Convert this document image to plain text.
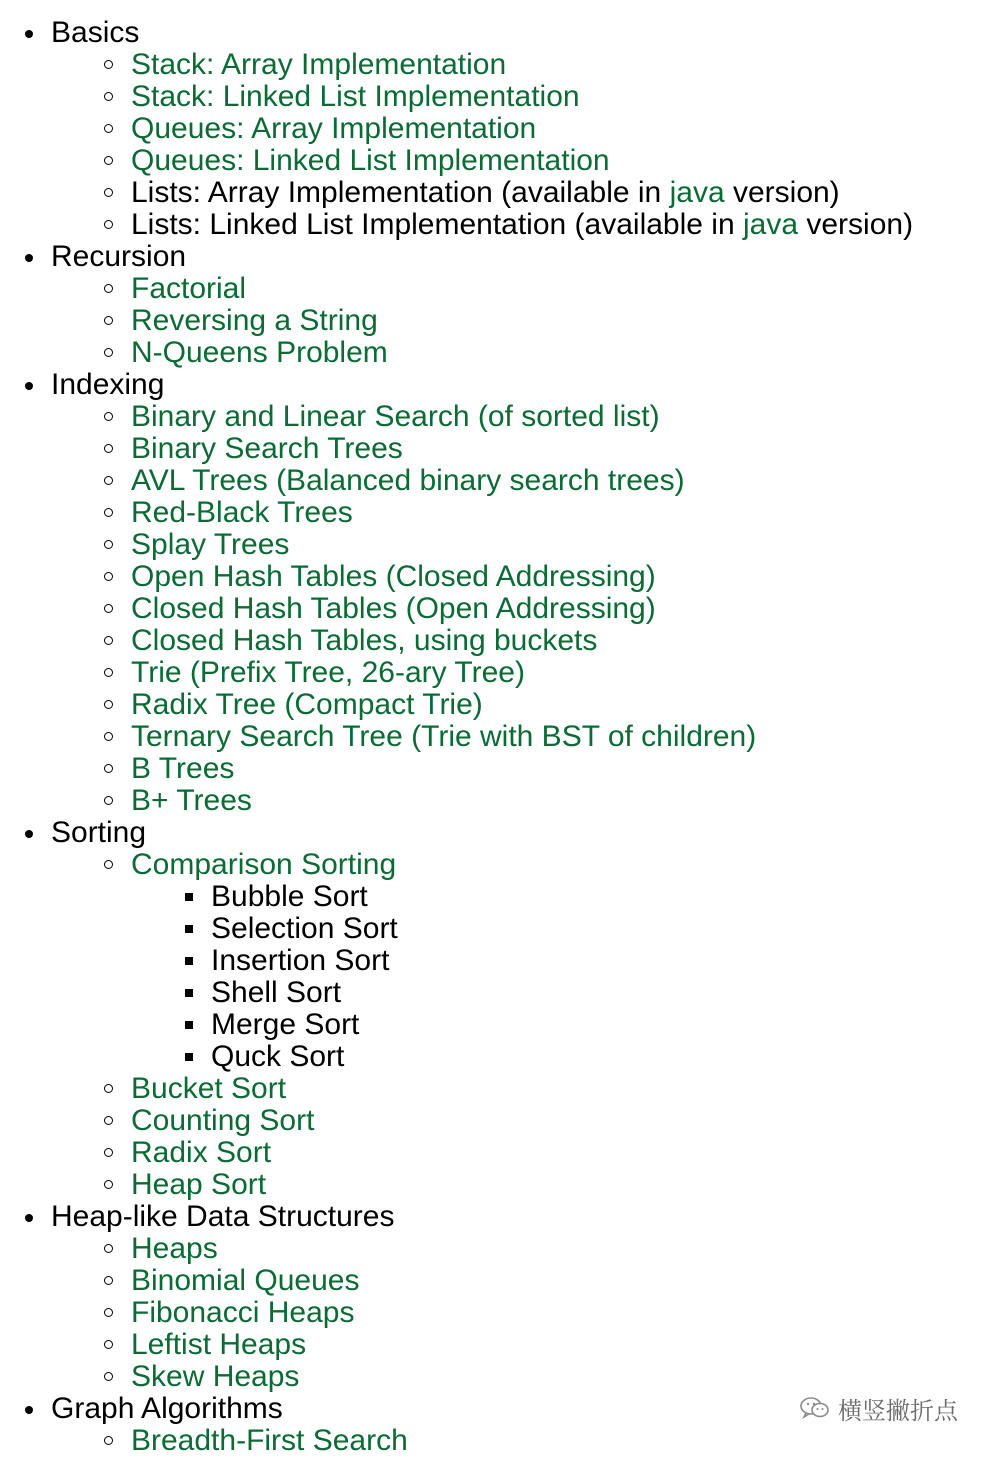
Basics
Stack: Array Implementation
Stack: Linked List Implementation
Queues: Array Implementation
Queues: Linked List Implementation
Lists: Array Implementation (available in java version)
Lists: Linked List Implementation (available in java version)
Recursion
Factorial
Reversing a String
N-Queens Problem
Indexing
Binary and Linear Search (of sorted list)
Binary Search Trees
AVL Trees (Balanced binary search trees)
Red-Black Trees
Splay Trees
Open Hash Tables (Closed Addressing)
Closed Hash Tables (Open Addressing)
Closed Hash Tables, using buckets
Trie (Prefix Tree, 26-ary Tree)
Radix Tree (Compact Trie)
Ternary Search Tree (Trie with BST of children)
B Trees
B+ Trees
Sorting
Comparison Sorting
Bubble Sort
Selection Sort
Insertion Sort
Shell Sort
Merge Sort
Quck Sort
Bucket Sort
Counting Sort
Radix Sort
Heap Sort
Heap-like Data Structures
Heaps
Binomial Queues
Fibonacci Heaps
Leftist Heaps
Skew Heaps
Graph Algorithms
Breadth-First Search
横竖撇折点
